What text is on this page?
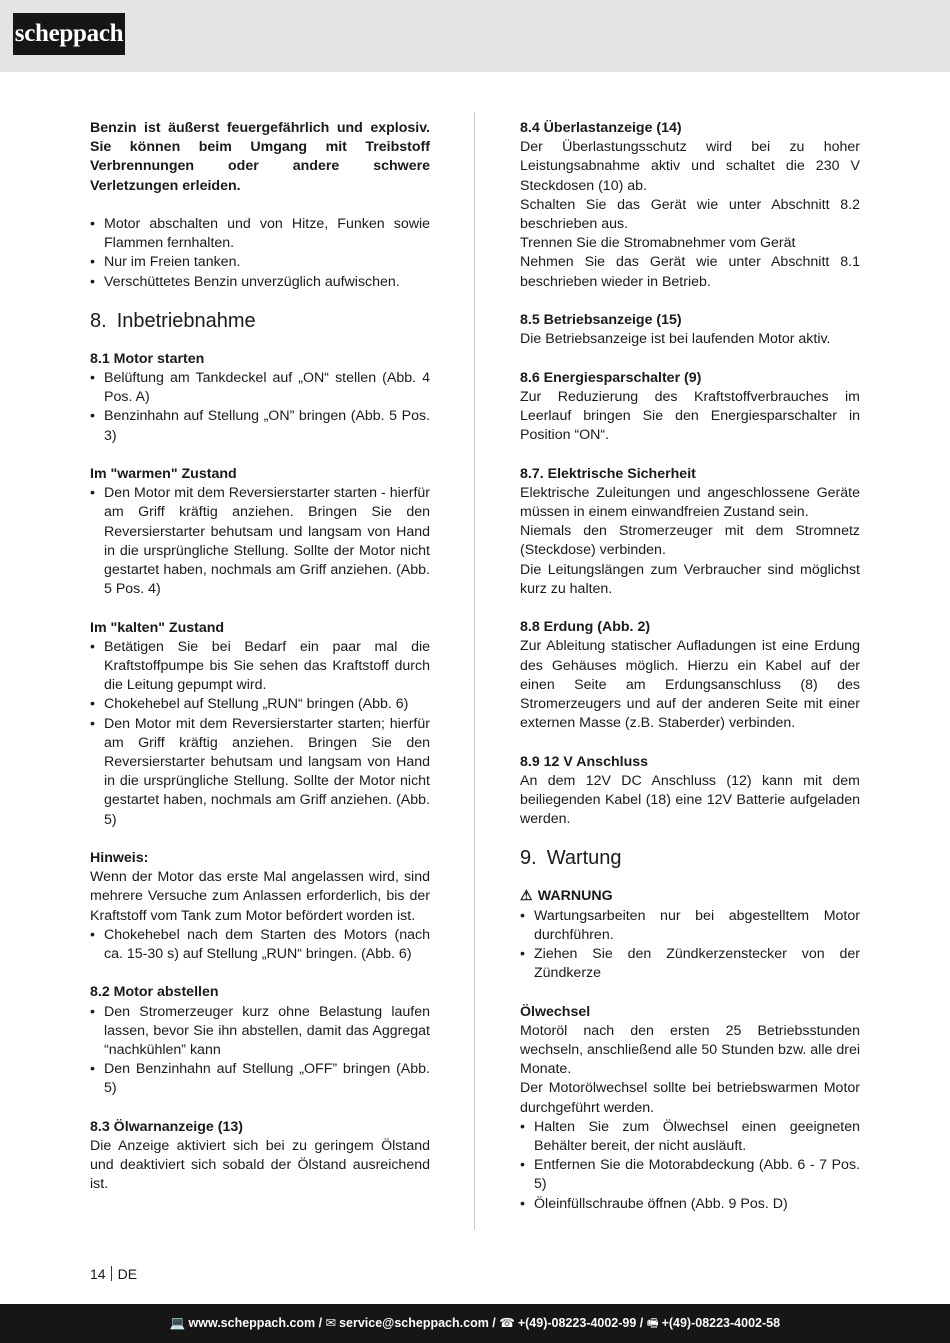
scheppach

Benzin ist äußerst feuergefährlich und explosiv. Sie können beim Umgang mit Treibstoff Verbrennungen oder andere schwere Verletzungen erleiden.

• Motor abschalten und von Hitze, Funken sowie Flammen fernhalten.
• Nur im Freien tanken.
• Verschüttetes Benzin unverzüglich aufwischen.
8. Inbetriebnahme
8.1 Motor starten
• Belüftung am Tankdeckel auf „ON“ stellen (Abb. 4 Pos. A)
• Benzinhahn auf Stellung „ON” bringen (Abb. 5 Pos. 3)
Im "warmen" Zustand
• Den Motor mit dem Reversierstarter starten - hierfür am Griff kräftig anziehen. Bringen Sie den Reversierstarter behutsam und langsam von Hand in die ursprüngliche Stellung. Sollte der Motor nicht gestartet haben, nochmals am Griff anziehen. (Abb. 5 Pos. 4)
Im "kalten" Zustand
• Betätigen Sie bei Bedarf ein paar mal die Kraftstoffpumpe bis Sie sehen das Kraftstoff durch die Leitung gepumpt wird.
• Chokehebel auf Stellung „RUN“ bringen (Abb. 6)
• Den Motor mit dem Reversierstarter starten; hierfür am Griff kräftig anziehen. Bringen Sie den Reversierstarter behutsam und langsam von Hand in die ursprüngliche Stellung. Sollte der Motor nicht gestartet haben, nochmals am Griff anziehen. (Abb. 5)
Hinweis:

Wenn der Motor das erste Mal angelassen wird, sind mehrere Versuche zum Anlassen erforderlich, bis der Kraftstoff vom Tank zum Motor befördert worden ist.

• Chokehebel nach dem Starten des Motors (nach ca. 15-30 s) auf Stellung „RUN“ bringen. (Abb. 6)
8.2 Motor abstellen
• Den Stromerzeuger kurz ohne Belastung laufen lassen, bevor Sie ihn abstellen, damit das Aggregat “nachkühlen” kann
• Den Benzinhahn auf Stellung „OFF” bringen (Abb. 5)
8.3 Ölwarnanzeige (13)

Die Anzeige aktiviert sich bei zu geringem Ölstand und deaktiviert sich sobald der Ölstand ausreichend ist.

8.4 Überlastanzeige (14)

Der Überlastungsschutz wird bei zu hoher Leistungsabnahme aktiv und schaltet die 230 V Steckdosen (10) ab.

Schalten Sie das Gerät wie unter Abschnitt 8.2 beschrieben aus.

Trennen Sie die Stromabnehmer vom Gerät

Nehmen Sie das Gerät wie unter Abschnitt 8.1 beschrieben wieder in Betrieb.

8.5 Betriebsanzeige (15)

Die Betriebsanzeige ist bei laufenden Motor aktiv.

8.6 Energiesparschalter (9)

Zur Reduzierung des Kraftstoffverbrauches im Leerlauf bringen Sie den Energiesparschalter in Position “ON“.

8.7. Elektrische Sicherheit

Elektrische Zuleitungen und angeschlossene Geräte müssen in einem einwandfreien Zustand sein.

Niemals den Stromerzeuger mit dem Stromnetz (Steckdose) verbinden.

Die Leitungslängen zum Verbraucher sind möglichst kurz zu halten.

8.8 Erdung (Abb. 2)

Zur Ableitung statischer Aufladungen ist eine Erdung des Gehäuses möglich. Hierzu ein Kabel auf der einen Seite am Erdungsanschluss (8) des Stromerzeugers und auf der anderen Seite mit einer externen Masse (z.B. Staberder) verbinden.

8.9 12 V Anschluss

An dem 12V DC Anschluss (12) kann mit dem beiliegenden Kabel (18) eine 12V Batterie aufgeladen werden.

9. Wartung
⚠ WARNUNG
• Wartungsarbeiten nur bei abgestelltem Motor durchführen.
• Ziehen Sie den Zündkerzenstecker von der Zündkerze
Ölwechsel

Motoröl nach den ersten 25 Betriebsstunden wechseln, anschließend alle 50 Stunden bzw. alle drei Monate.

Der Motorölwechsel sollte bei betriebswarmen Motor durchgeführt werden.

• Halten Sie zum Ölwechsel einen geeigneten Behälter bereit, der nicht ausläuft.
• Entfernen Sie die Motorabdeckung (Abb. 6 - 7 Pos. 5)
• Öleinfüllschraube öffnen (Abb. 9 Pos. D)
14 DE
💻 www.scheppach.com / ✉ service@scheppach.com / ☎ +(49)-08223-4002-99 / 🖷 +(49)-08223-4002-58
